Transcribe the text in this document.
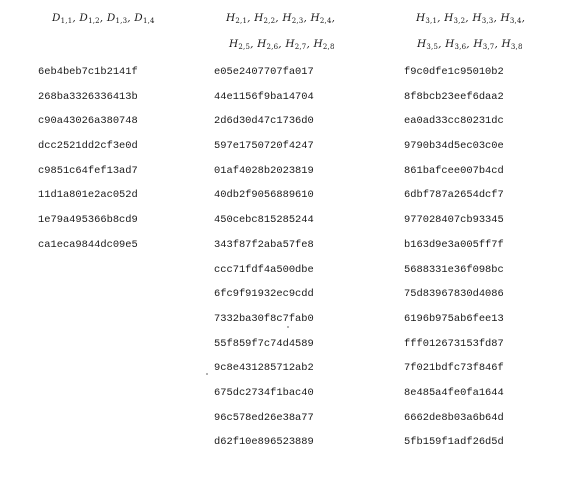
$D_{1,1}$, $D_{1,2}$, $D_{1,3}$, $D_{1,4}$
6eb4beb7c1b2141f
268ba3326336413b
c90a43026a380748
dcc2521dd2cf3e0d
c9851c64fef13ad7
11d1a801e2ac052d
1e79a495366b8cd9
ca1eca9844dc09e5
$H_{2,1}$, $H_{2,2}$, $H_{2,3}$, $H_{2,4}$,
$H_{2,5}$, $H_{2,6}$, $H_{2,7}$, $H_{2,8}$
e05e2407707fa017
44e1156f9ba14704
2d6d30d47c1736d0
597e1750720f4247
01af4028b2023819
40db2f9056889610
450cebc815285244
343f87f2aba57fe8
ccc71fdf4a500dbe
6fc9f91932ec9cdd
7332ba30f8c7fab0
55f859f7c74d4589
9c8e431285712ab2
675dc2734f1bac40
96c578ed26e38a77
d62f10e896523889
$H_{3,1}$, $H_{3,2}$, $H_{3,3}$, $H_{3,4}$,
$H_{3,5}$, $H_{3,6}$, $H_{3,7}$, $H_{3,8}$
f9c0dfe1c95010b2
8f8bcb23eef6daa2
ea0ad33cc80231dc
9790b34d5ec03c0e
861bafcee007b4cd
6dbf787a2654dcf7
977028407cb93345
b163d9e3a005ff7f
5688331e36f098bc
75d83967830d4086
6196b975ab6fee13
fff012673153fd87
7f021bdfc73f846f
8e485a4fe0fa1644
6662de8b03a6b64d
5fb159f1adf26d5d
